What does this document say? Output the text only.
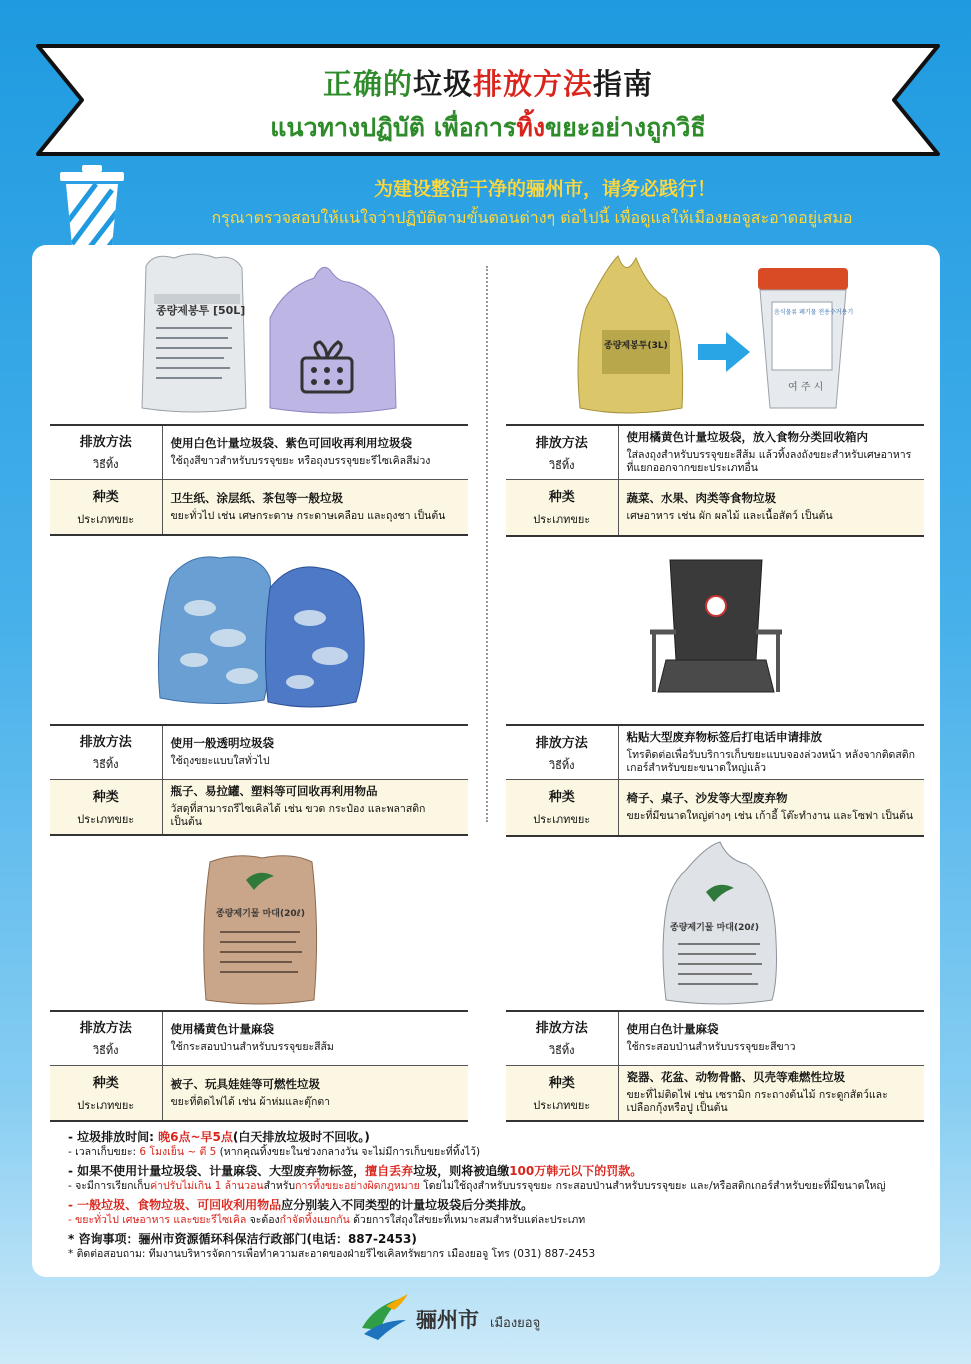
正确的垃圾排放方法指南
แนวทางปฏิบัติ เพื่อการทิ้งขยะอย่างถูกวิธี
为建设整洁干净的骊州市，请务必践行！
กรุณาตรวจสอบให้แน่ใจว่าปฏิบัติตามขั้นตอนต่างๆ ต่อไปนี้ เพื่อดูแลให้เมืองยอจูสะอาดอยู่เสมอ
종량제봉투 [50L]
排放方法
วิธีทิ้ง	使用白色计量垃圾袋、紫色可回收再利用垃圾袋
ใช้ถุงสีขาวสำหรับบรรจุขยะ หรือถุงบรรจุขยะรีไซเคิลสีม่วง

种类
ประเภทขยะ	卫生纸、涂层纸、茶包等一般垃圾
ขยะทั่วไป เช่น เศษกระดาษ กระดาษเคลือบ และถุงชา เป็นต้น
종량제봉투(3L)
음식물류 폐기물 전용수거용기
여 주 시
排放方法
วิธีทิ้ง	使用橘黄色计量垃圾袋，放入食物分类回收箱内
ใส่ลงถุงสำหรับบรรจุขยะสีส้ม แล้วทิ้งลงถังขยะสำหรับเศษอาหารที่แยกออกจากขยะประเภทอื่น

种类
ประเภทขยะ	蔬菜、水果、肉类等食物垃圾
เศษอาหาร เช่น ผัก ผลไม้ และเนื้อสัตว์ เป็นต้น
排放方法
วิธีทิ้ง	使用一般透明垃圾袋
ใช้ถุงขยะแบบใสทั่วไป

种类
ประเภทขยะ	瓶子、易拉罐、塑料等可回收再利用物品
วัสดุที่สามารถรีไซเคิลได้ เช่น ขวด กระป๋อง และพลาสติก เป็นต้น
排放方法
วิธีทิ้ง	粘贴大型废弃物标签后打电话申请排放
โทรติดต่อเพื่อรับบริการเก็บขยะแบบจองล่วงหน้า หลังจากติดสติกเกอร์สำหรับขยะขนาดใหญ่แล้ว

种类
ประเภทขยะ	椅子、桌子、沙发等大型废弃物
ขยะที่มีขนาดใหญ่ต่างๆ เช่น เก้าอี้ โต๊ะทำงาน และโซฟา เป็นต้น
종량제기물 마대(20ℓ)
排放方法
วิธีทิ้ง	使用橘黄色计量麻袋
ใช้กระสอบป่านสำหรับบรรจุขยะสีส้ม

种类
ประเภทขยะ	被子、玩具娃娃等可燃性垃圾
ขยะที่ติดไฟได้ เช่น ผ้าห่มและตุ๊กตา
종량제기물 마대(20ℓ)
排放方法
วิธีทิ้ง	使用白色计量麻袋
ใช้กระสอบป่านสำหรับบรรจุขยะสีขาว

种类
ประเภทขยะ	瓷器、花盆、动物骨骼、贝壳等难燃性垃圾
ขยะที่ไม่ติดไฟ เช่น เซรามิก กระถางต้นไม้ กระดูกสัตว์และเปลือกกุ้งหรือปู เป็นต้น
- 垃圾排放时间: 晚6点~早5点(白天排放垃圾时不回收。)
- เวลาเก็บขยะ: 6 โมงเย็น ~ ตี 5 (หากคุณทิ้งขยะในช่วงกลางวัน จะไม่มีการเก็บขยะที่ทิ้งไว้)
- 如果不使用计量垃圾袋、计量麻袋、大型废弃物标签，擅自丢弃垃圾，则将被追缴100万韩元以下的罚款。
- จะมีการเรียกเก็บค่าปรับไม่เกิน 1 ล้านวอนสำหรับการทิ้งขยะอย่างผิดกฎหมาย โดยไม่ใช้ถุงสำหรับบรรจุขยะ กระสอบป่านสำหรับบรรจุขยะ และ/หรือสติกเกอร์สำหรับขยะที่มีขนาดใหญ่
- 一般垃圾、食物垃圾、可回收利用物品应分别装入不同类型的计量垃圾袋后分类排放。
- ขยะทั่วไป เศษอาหาร และขยะรีไซเคิล จะต้องกำจัดทิ้งแยกกัน ด้วยการใส่ถุงใส่ขยะที่เหมาะสมสำหรับแต่ละประเภท
* 咨询事项：骊州市资源循环科保洁行政部门(电话：887-2453)
* ติดต่อสอบถาม: ทีมงานบริหารจัดการเพื่อทำความสะอาดของฝ่ายรีไซเคิลทรัพยากร เมืองยอจู โทร (031) 887-2453
骊州市 เมืองยอจู
